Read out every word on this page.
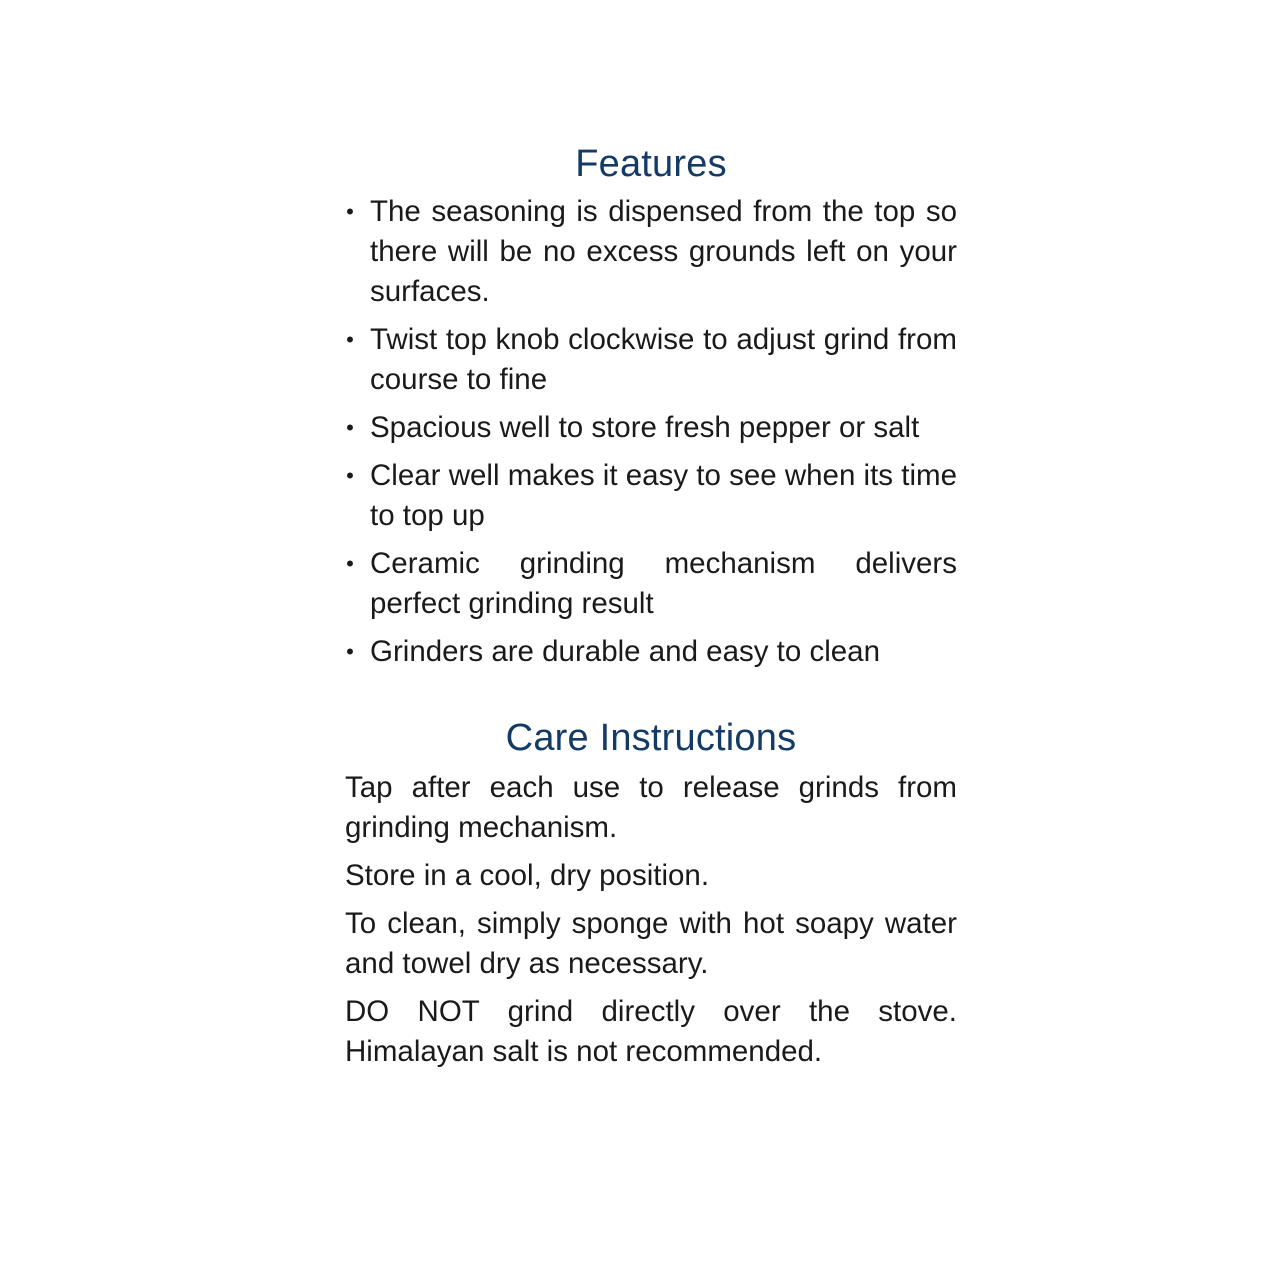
Features
• The seasoning is dispensed from the top so there will be no excess grounds left on your surfaces.
• Twist top knob clockwise to adjust grind from course to fine
• Spacious well to store fresh pepper or salt
• Clear well makes it easy to see when its time to top up
• Ceramic grinding mechanism delivers perfect grinding result
• Grinders are durable and easy to clean
Care Instructions

Tap after each use to release grinds from grinding mechanism.

Store in a cool, dry position.

To clean, simply sponge with hot soapy water and towel dry as necessary.

DO NOT grind directly over the stove. Himalayan salt is not recommended.
